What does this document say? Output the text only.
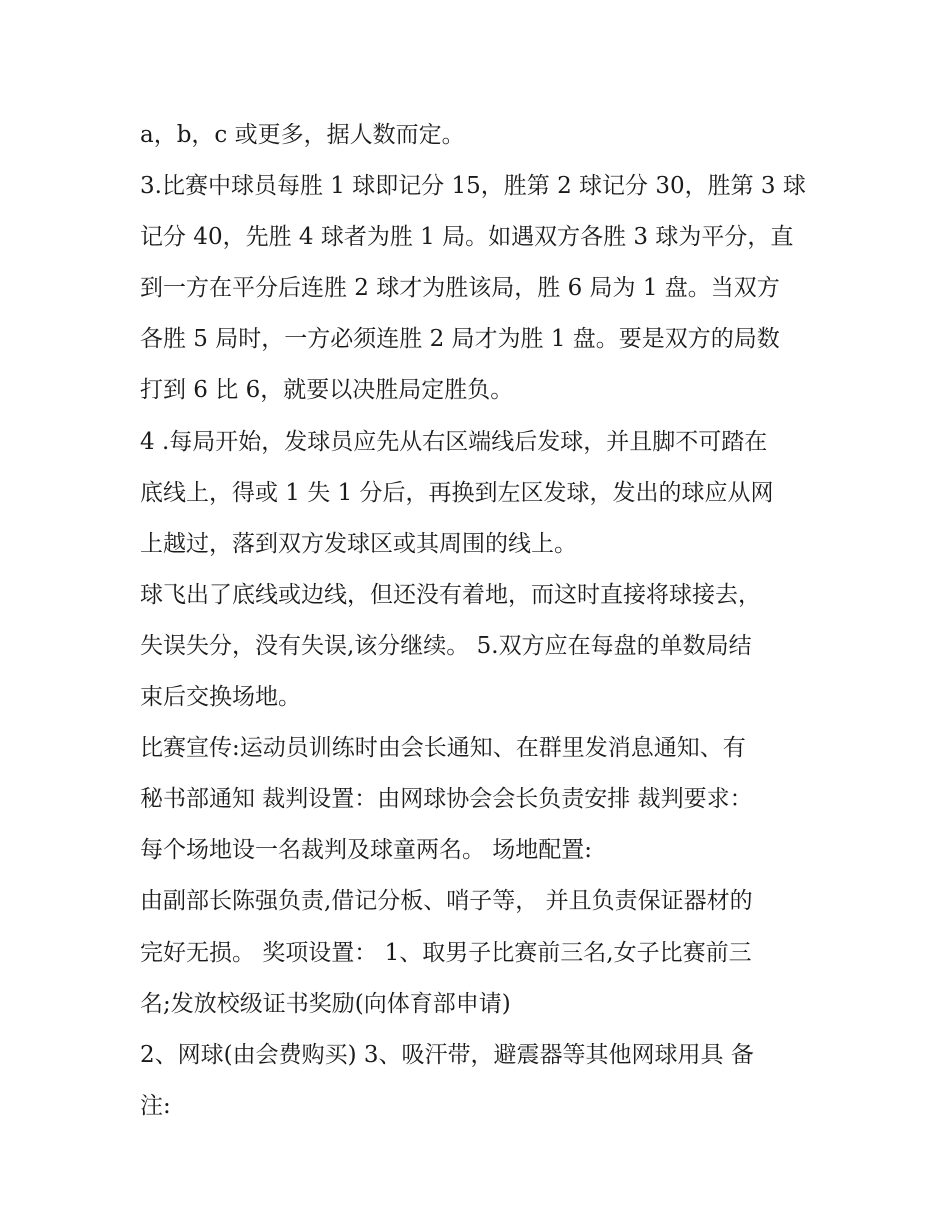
a，b，c 或更多，据人数而定。
3.比赛中球员每胜 1 球即记分 15，胜第 2 球记分 30，胜第 3 球
记分 40，先胜 4 球者为胜 1 局。如遇双方各胜 3 球为平分，直
到一方在平分后连胜 2 球才为胜该局，胜 6 局为 1 盘。当双方
各胜 5 局时，一方必须连胜 2 局才为胜 1 盘。要是双方的局数
打到 6 比 6，就要以决胜局定胜负。
4 .每局开始，发球员应先从右区端线后发球，并且脚不可踏在
底线上，得或 1 失 1 分后，再换到左区发球，发出的球应从网
上越过，落到双方发球区或其周围的线上。
球飞出了底线或边线，但还没有着地，而这时直接将球接去，
失误失分，没有失误,该分继续。 5.双方应在每盘的单数局结
束后交换场地。
比赛宣传:运动员训练时由会长通知、在群里发消息通知、有
秘书部通知 裁判设置：由网球协会会长负责安排 裁判要求：
每个场地设一名裁判及球童两名。 场地配置:
由副部长陈强负责,借记分板、哨子等， 并且负责保证器材的
完好无损。 奖项设置： 1、取男子比赛前三名,女子比赛前三
名;发放校级证书奖励(向体育部申请)
2、网球(由会费购买) 3、吸汗带，避震器等其他网球用具 备
注:
